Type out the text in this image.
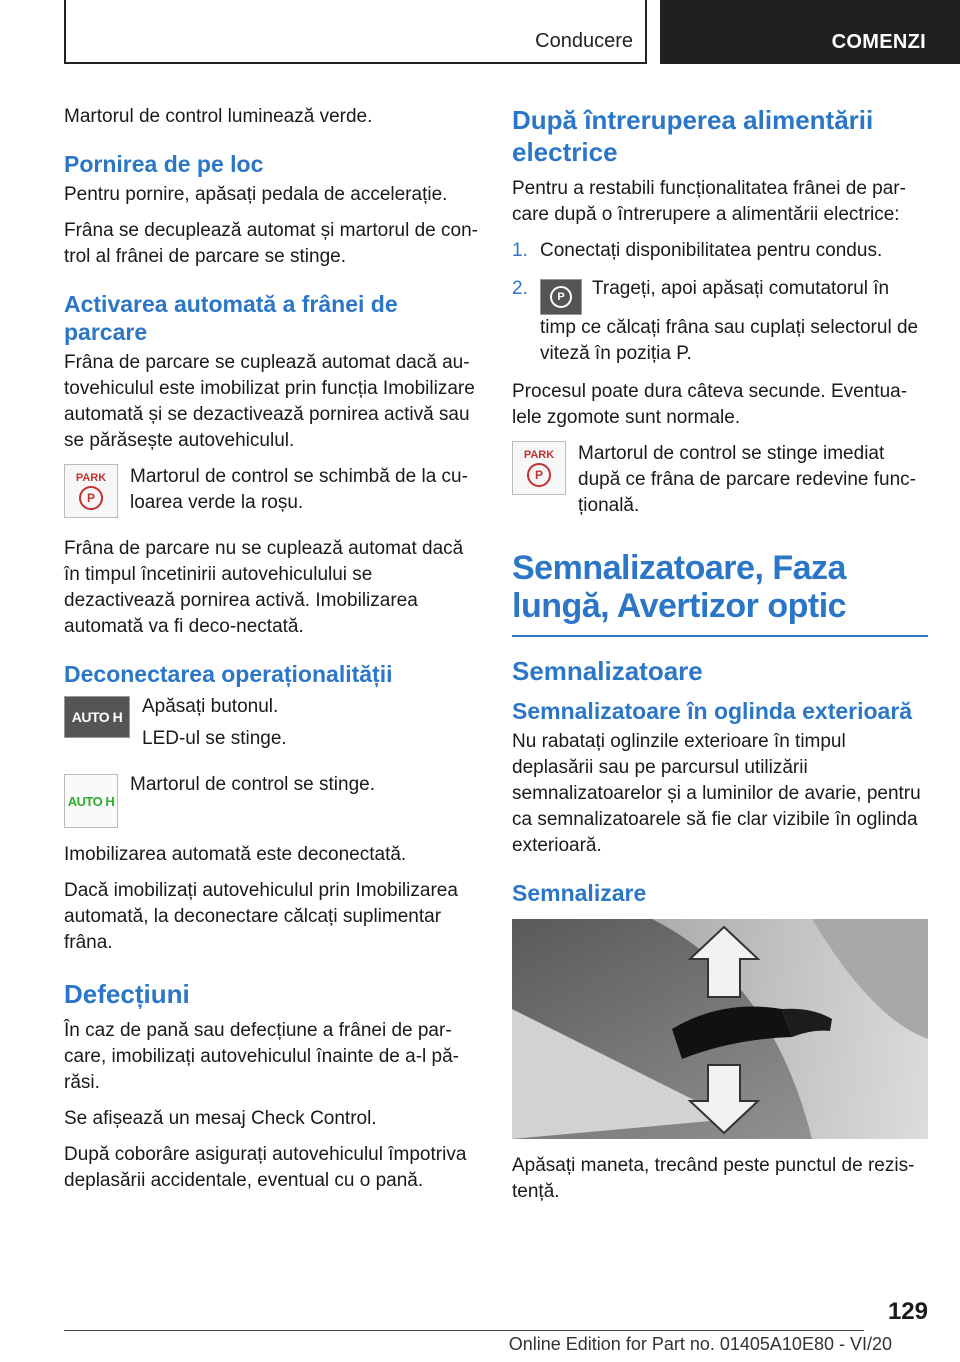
Conducere	COMENZI

Martorul de control luminează verde.

Pornirea de pe loc

Pentru pornire, apăsați pedala de accelerație.

Frâna se decuplează automat și martorul de con-trol al frânei de parcare se stinge.

Activarea automată a frânei de parcare

Frâna de parcare se cuplează automat dacă au-tovehiculul este imobilizat prin funcția Imobilizare automată și se dezactivează pornirea activă sau se părăsește autovehiculul.

PARK
P

Martorul de control se schimbă de la cu-loarea verde la roșu.

Frâna de parcare nu se cuplează automat dacă în timpul încetinirii autovehiculului se dezactivează pornirea activă. Imobilizarea automată va fi deco-nectată.

Deconectarea operaționalității
AUTO H	Apăsați butonul.

LED-ul se stinge.

AUTO H

Martorul de control se stinge.

Imobilizarea automată este deconectată.

Dacă imobilizați autovehiculul prin Imobilizarea automată, la deconectare călcați suplimentar frâna.

Defecțiuni

În caz de pană sau defecțiune a frânei de par-care, imobilizați autovehiculul înainte de a-l pă-răsi.

Se afișează un mesaj Check Control.

După coborâre asigurați autovehiculul împotriva deplasării accidentale, eventual cu o pană.

După întreruperea alimentării electrice

Pentru a restabili funcționalitatea frânei de par-care după o întrerupere a alimentării electrice:

1. Conectați disponibilitatea pentru condus.
2.	P	Trageți, apoi apăsați comutatorul în timp ce călcați frâna sau cuplați selectorul de viteză în poziția P.

Procesul poate dura câteva secunde. Eventua-lele zgomote sunt normale.

PARK
P

Martorul de control se stinge imediat după ce frâna de parcare redevine func-țională.

Semnalizatoare, Faza lungă, Avertizor optic
Semnalizatoare
Semnalizatoare în oglinda exterioară

Nu rabatați oglinzile exterioare în timpul deplasării sau pe parcursul utilizării semnalizatoarelor și a luminilor de avarie, pentru ca semnalizatoarele să fie clar vizibile în oglinda exterioară.

Semnalizare

Apăsați maneta, trecând peste punctul de rezis-tență.

129
Online Edition for Part no. 01405A10E80 - VI/20
